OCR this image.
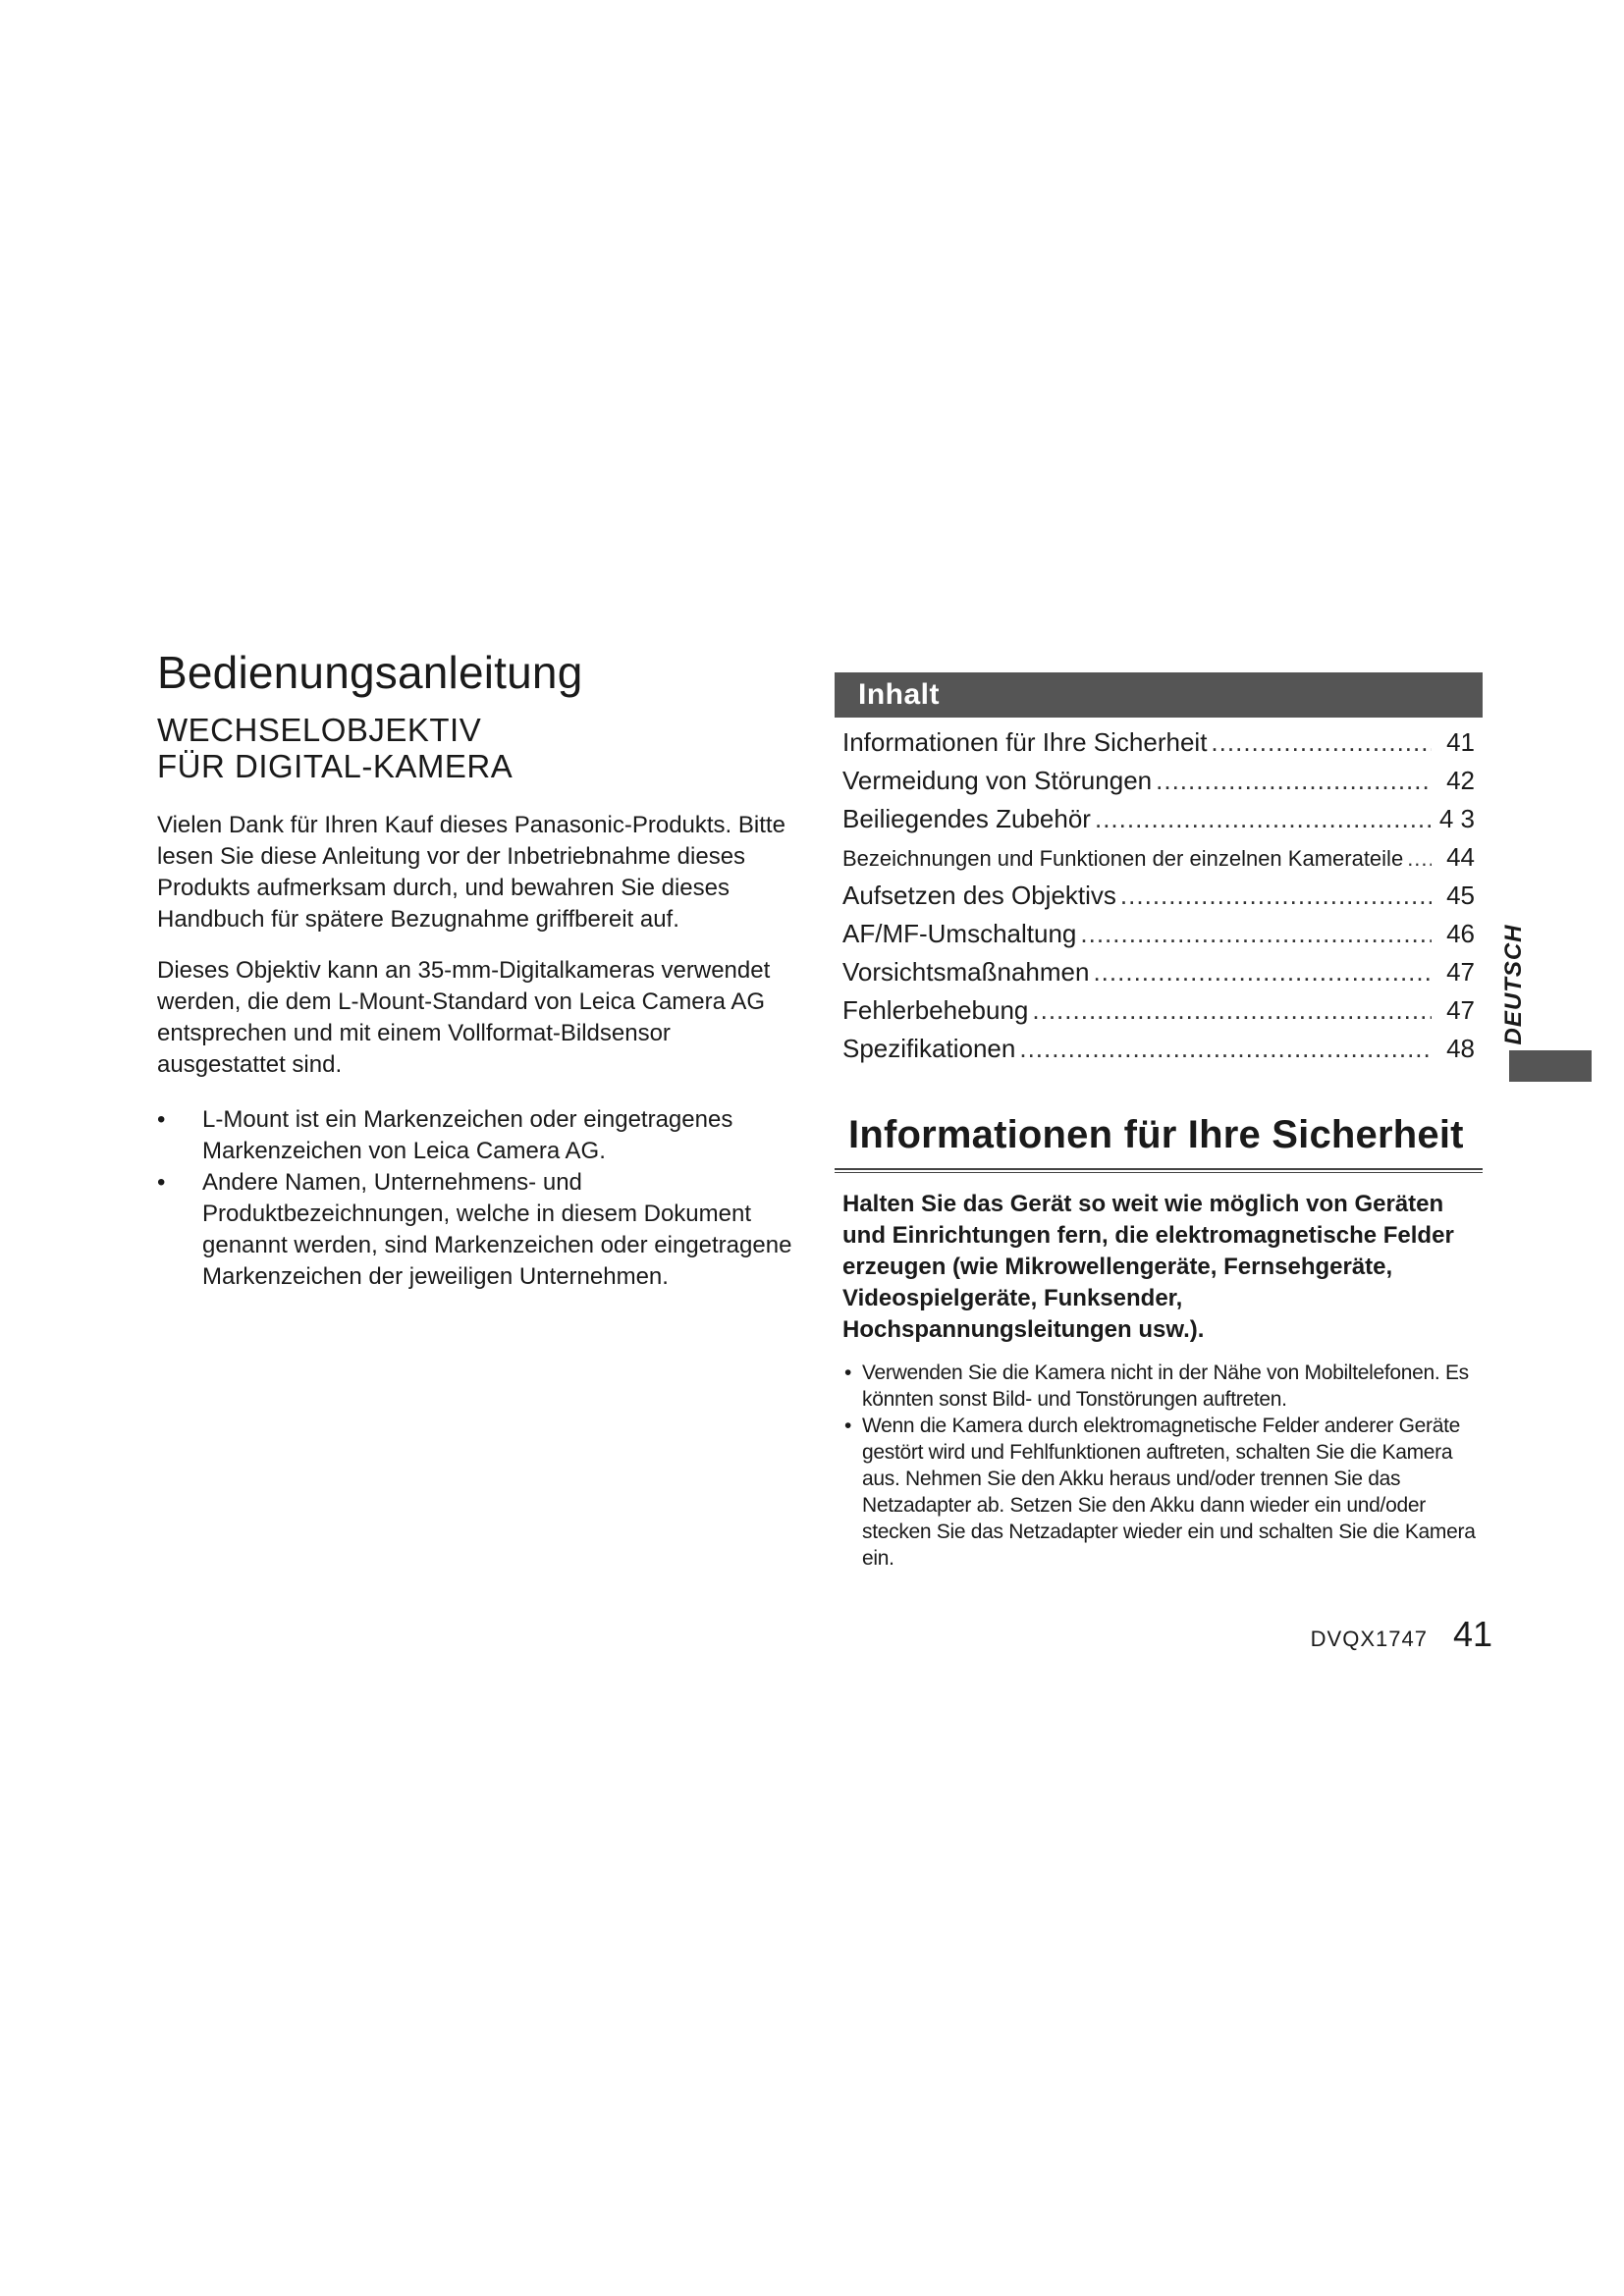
Bedienungsanleitung
WECHSELOBJEKTIV
FÜR DIGITAL-KAMERA

Vielen Dank für Ihren Kauf dieses Panasonic-Produkts. Bitte lesen Sie diese Anleitung vor der Inbetriebnahme dieses Produkts aufmerksam durch, und bewahren Sie dieses Handbuch für spätere Bezugnahme griffbereit auf.

Dieses Objektiv kann an 35-mm-Digitalkameras verwendet werden, die dem L-Mount-Standard von Leica Camera AG entsprechen und mit einem Vollformat-Bildsensor ausgestattet sind.

•	L-Mount ist ein Markenzeichen oder eingetragenes Markenzeichen von Leica Camera AG.
•	Andere Namen, Unternehmens- und Produktbezeichnungen, welche in diesem Dokument genannt werden, sind Markenzeichen oder eingetragene Markenzeichen der jeweiligen Unternehmen.
Inhalt
Informationen für Ihre Sicherheit .....	41
Vermeidung von Störungen .....	42
Beiliegendes Zubehör .....	4 3
Bezeichnungen und Funktionen der einzelnen Kamerateile .....	44
Aufsetzen des Objektivs .....	45
AF/MF-Umschaltung .....	46
Vorsichtsmaßnahmen .....	47
Fehlerbehebung .....	47
Spezifikationen .....	48
Informationen für Ihre Sicherheit

Halten Sie das Gerät so weit wie möglich von Geräten
und Einrichtungen fern, die elektromagnetische Felder
erzeugen (wie Mikrowellengeräte, Fernsehgeräte,
Videospielgeräte, Funksender,
Hochspannungsleitungen usw.).

• Verwenden Sie die Kamera nicht in der Nähe von Mobiltelefonen. Es könnten sonst Bild- und Tonstörungen auftreten.
• Wenn die Kamera durch elektromagnetische Felder anderer Geräte gestört wird und Fehlfunktionen auftreten, schalten Sie die Kamera aus. Nehmen Sie den Akku heraus und/oder trennen Sie das Netzadapter ab. Setzen Sie den Akku dann wieder ein und/oder stecken Sie das Netzadapter wieder ein und schalten Sie die Kamera ein.
DEUTSCH
DVQX1747 41
